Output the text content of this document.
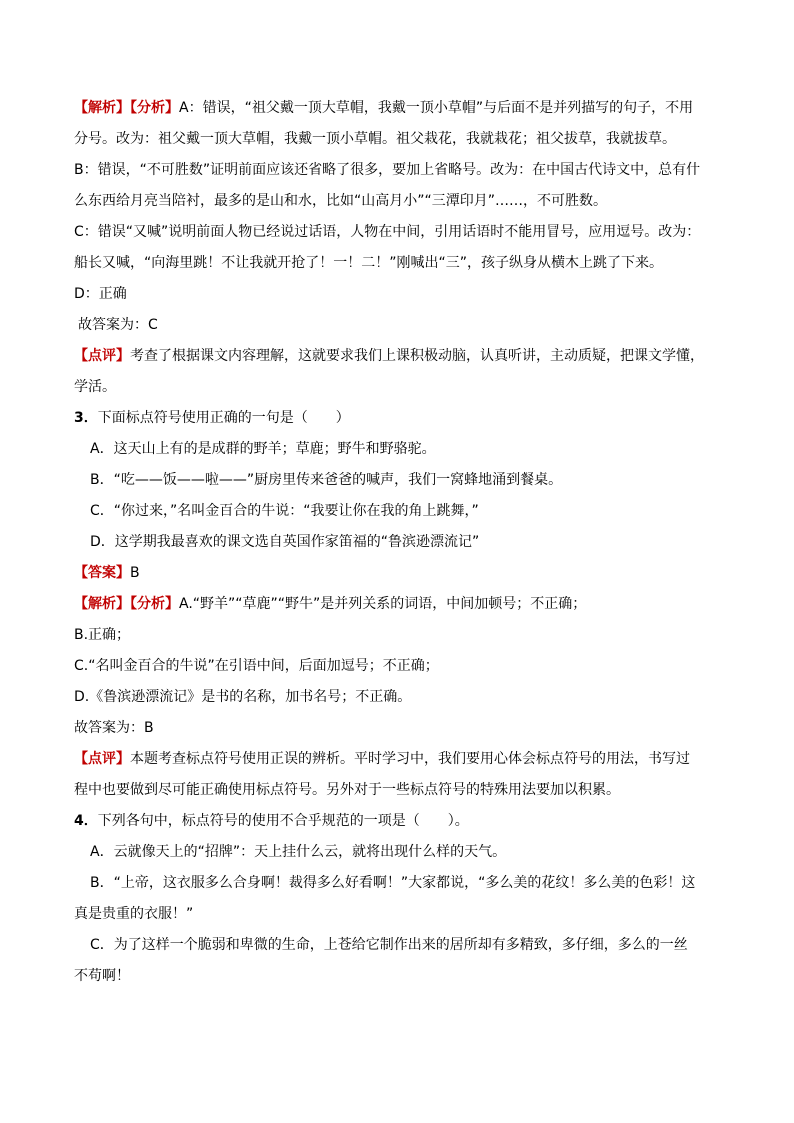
【解析】【分析】A：错误，“祖父戴一顶大草帽，我戴一顶小草帽”与后面不是并列描写的句子，不用
分号。改为：祖父戴一顶大草帽，我戴一顶小草帽。祖父栽花，我就栽花；祖父拔草，我就拔草。
B：错误，“不可胜数”证明前面应该还省略了很多，要加上省略号。改为：在中国古代诗文中，总有什
么东西给月亮当陪衬，最多的是山和水，比如“山高月小”“三潭印月”……，不可胜数。
C：错误“又喊”说明前面人物已经说过话语，人物在中间，引用话语时不能用冒号，应用逗号。改为：
船长又喊，“向海里跳！不让我就开抢了！一！二！”刚喊出“三”，孩子纵身从横木上跳了下来。
D：正确
故答案为：C
【点评】考查了根据课文内容理解，这就要求我们上课积极动脑，认真听讲，主动质疑，把课文学懂，
学活。
3．下面标点符号使用正确的一句是（　　）
A．这天山上有的是成群的野羊；草鹿；野牛和野骆驼。
B．“吃——饭——啦——”厨房里传来爸爸的喊声，我们一窝蜂地涌到餐桌。
C．“你过来，”名叫金百合的牛说：“我要让你在我的角上跳舞，”
D．这学期我最喜欢的课文选自英国作家笛福的“鲁滨逊漂流记”
【答案】B
【解析】【分析】A.“野羊”“草鹿”“野牛”是并列关系的词语，中间加顿号；不正确；
B.正确；
C.“名叫金百合的牛说”在引语中间，后面加逗号；不正确；
D.《鲁滨逊漂流记》是书的名称，加书名号；不正确。
故答案为：B
【点评】本题考查标点符号使用正误的辨析。平时学习中，我们要用心体会标点符号的用法，书写过
程中也要做到尽可能正确使用标点符号。另外对于一些标点符号的特殊用法要加以积累。
4．下列各句中，标点符号的使用不合乎规范的一项是（　　）。
A．云就像天上的“招牌”：天上挂什么云，就将出现什么样的天气。
B．“上帝，这衣服多么合身啊！裁得多么好看啊！”大家都说，“多么美的花纹！多么美的色彩！这
真是贵重的衣服！”
C．为了这样一个脆弱和卑微的生命，上苍给它制作出来的居所却有多精致，多仔细，多么的一丝
不苟啊！
